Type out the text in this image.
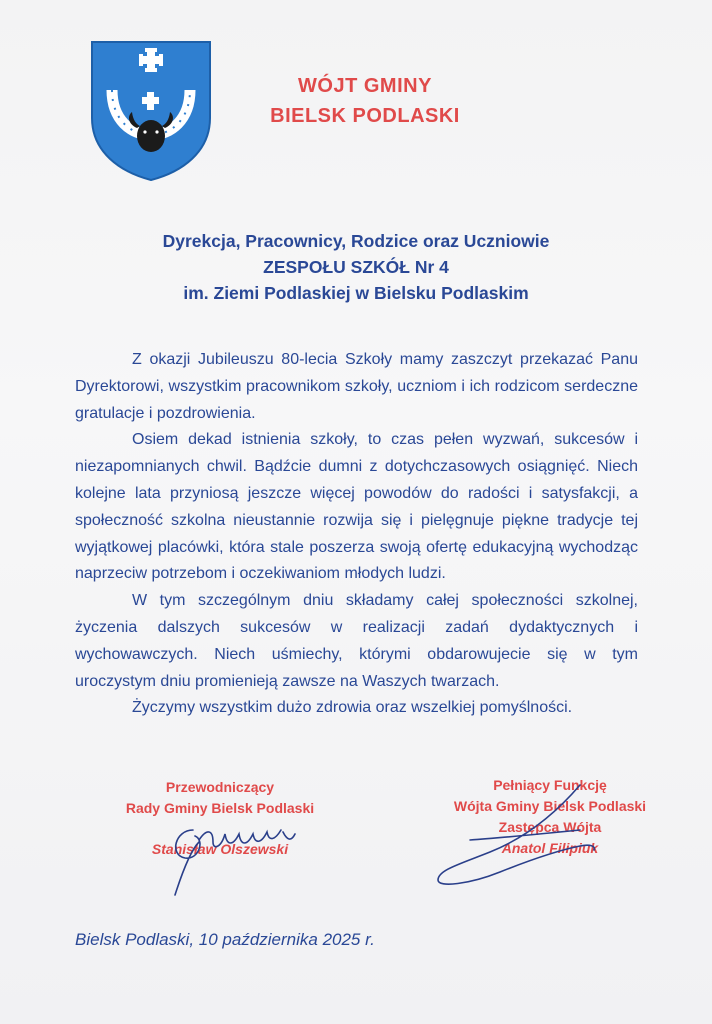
WÓJT GMINY
BIELSK PODLASKI
Dyrekcja, Pracownicy, Rodzice oraz Uczniowie
ZESPOŁU SZKÓŁ Nr 4
im. Ziemi Podlaskiej w Bielsku Podlaskim

Z okazji Jubileuszu 80-lecia Szkoły mamy zaszczyt przekazać Panu Dyrektorowi, wszystkim pracownikom szkoły, uczniom i ich rodzicom serdeczne gratulacje i pozdrowienia.

Osiem dekad istnienia szkoły, to czas pełen wyzwań, sukcesów i niezapomnianych chwil. Bądźcie dumni z dotychczasowych osiągnięć. Niech kolejne lata przyniosą jeszcze więcej powodów do radości i satysfakcji, a społeczność szkolna nieustannie rozwija się i pielęgnuje piękne tradycje tej wyjątkowej placówki, która stale poszerza swoją ofertę edukacyjną wychodząc naprzeciw potrzebom i oczekiwaniom młodych ludzi.

W tym szczególnym dniu składamy całej społeczności szkolnej, życzenia dalszych sukcesów w realizacji zadań dydaktycznych i wychowawczych. Niech uśmiechy, którymi obdarowujecie się w tym uroczystym dniu promienieją zawsze na Waszych twarzach.

Życzymy wszystkim dużo zdrowia oraz wszelkiej pomyślności.

Przewodniczący
Rady Gminy Bielsk Podlaski
Stanisław Olszewski
Pełniący Funkcję
Wójta Gminy Bielsk Podlaski
Zastępca Wójta
Anatol Filipiuk
Bielsk Podlaski, 10 października 2025 r.
